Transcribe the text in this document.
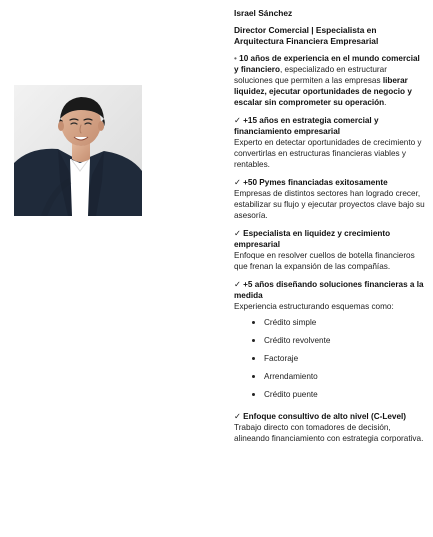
Israel Sánchez
Director Comercial | Especialista en Arquitectura Financiera Empresarial
• 10 años de experiencia en el mundo comercial y financiero, especializado en estructurar soluciones que permiten a las empresas liberar liquidez, ejecutar oportunidades de negocio y escalar sin comprometer su operación.
✓ +15 años en estrategia comercial y financiamiento empresarial
Experto en detectar oportunidades de crecimiento y convertirlas en estructuras financieras viables y rentables.
✓ +50 Pymes financiadas exitosamente
Empresas de distintos sectores han logrado crecer, estabilizar su flujo y ejecutar proyectos clave bajo su asesoría.
✓ Especialista en liquidez y crecimiento empresarial
Enfoque en resolver cuellos de botella financieros que frenan la expansión de las compañías.
✓ +5 años diseñando soluciones financieras a la medida
Experiencia estructurando esquemas como:
Crédito simple
Crédito revolvente
Factoraje
Arrendamiento
Crédito puente
✓ Enfoque consultivo de alto nivel (C-Level)
Trabajo directo con tomadores de decisión, alineando financiamiento con estrategia corporativa.
